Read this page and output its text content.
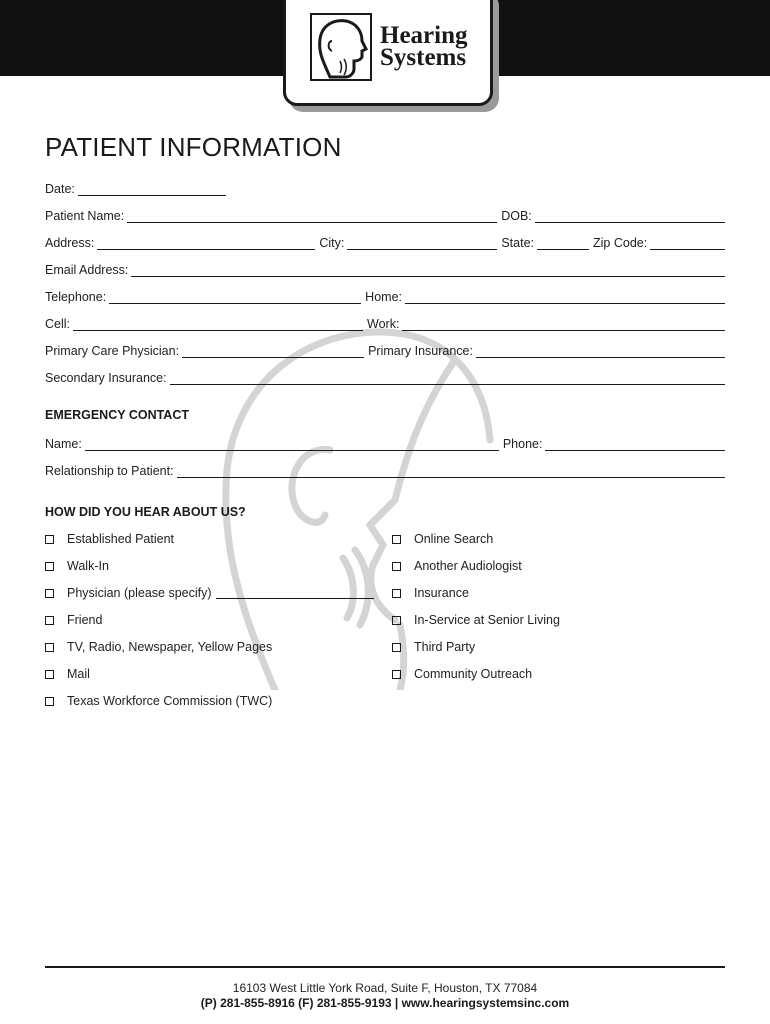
Hearing
Systems
PATIENT INFORMATION
Date:
Patient Name:	DOB:
Address:	City:	State:	Zip Code:
Email Address:
Telephone:	Home:
Cell:	Work:
Primary Care Physician:	Primary Insurance:
Secondary Insurance:
EMERGENCY CONTACT
Name:	Phone:
Relationship to Patient:
HOW DID YOU HEAR ABOUT US?
Established Patient
Walk-In
Physician (please specify)
Friend
TV, Radio, Newspaper, Yellow Pages
Mail
Texas Workforce Commission (TWC)
Online Search
Another Audiologist
Insurance
In-Service at Senior Living
Third Party
Community Outreach
16103 West Little York Road, Suite F, Houston, TX 77084
(P) 281-855-8916 (F) 281-855-9193 | www.hearingsystemsinc.com
